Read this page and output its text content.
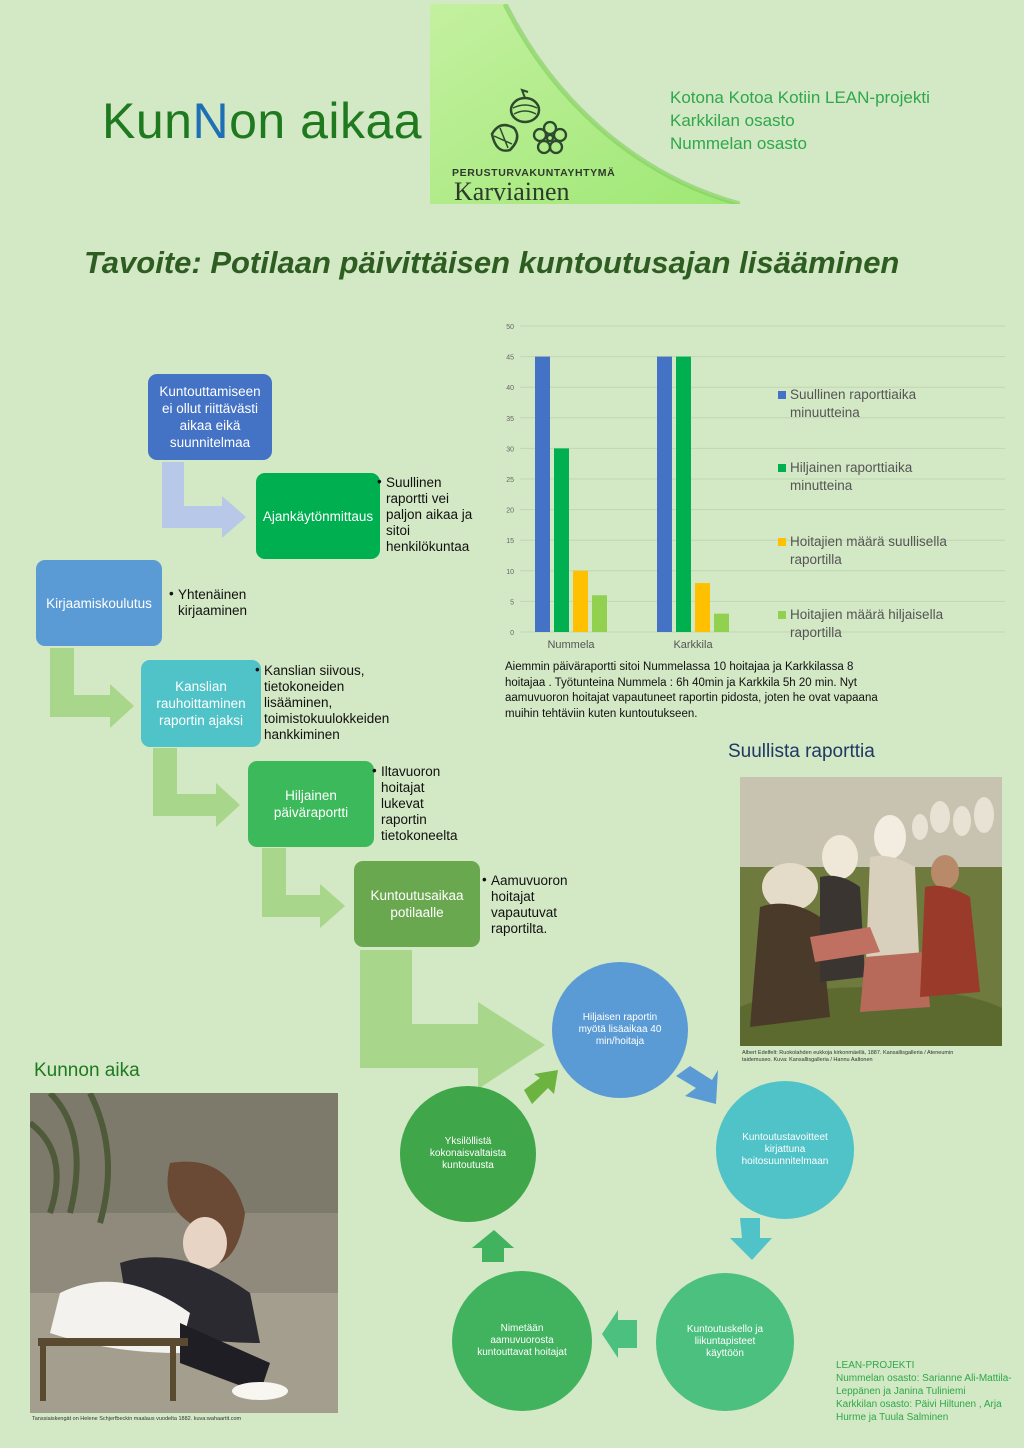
KunNon aikaa
PERUSTURVAKUNTAYHTYMÄ
Karviainen
Kotona Kotoa Kotiin LEAN-projekti
Karkkilan osasto
Nummelan osasto
Tavoite: Potilaan päivittäisen kuntoutusajan lisääminen
Kuntouttamiseen ei ollut riittävästi aikaa eikä suunnitelmaa
Ajankäytönmittaus
• Suullinen raportti vei paljon aikaa ja sitoi henkilökuntaa
Kirjaamiskoulutus
• Yhtenäinen kirjaaminen
Kanslian rauhoittaminen raportin ajaksi
• Kanslian siivous, tietokoneiden lisääminen, toimistokuulokkeiden hankkiminen
Hiljainen päiväraportti
• Iltavuoron hoitajat lukevat raportin tietokoneelta
Kuntoutusaikaa potilaalle
• Aamuvuoron hoitajat vapautuvat raportilta.
0
5
10
15
20
25
30
35
40
45
50
Nummela	Karkkila
Suullinen raporttiaika minuutteina
Hiljainen raporttiaika minutteina
Hoitajien määrä suullisella raportilla
Hoitajien määrä hiljaisella raportilla
Aiemmin päiväraportti sitoi Nummelassa 10 hoitajaa ja Karkkilassa 8 hoitajaa . Työtunteina Nummela : 6h 40min ja Karkkila 5h 20 min. Nyt aamuvuoron hoitajat vapautuneet raportin pidosta, joten he ovat vapaana muihin tehtäviin kuten kuntoutukseen.
Suullista raporttia
Albert Edelfelt: Ruokolahden eukkoja kirkonmäellä, 1887. Kansallisgalleria / Ateneumin taidemuseo. Kuva: Kansallisgalleria / Hannu Aaltonen
Kunnon aika
Tanssiaiskengät on Helene Schjerfbeckin maalaus vuodelta 1882. kuva:wahaartit.com
Hiljaisen raportin myötä lisäaikaa 40 min/hoitaja
Kuntoutustavoitteet kirjattuna hoitosuunnitelmaan
Kuntoutuskello ja liikuntapisteet käyttöön
Nimetään aamuvuorosta kuntouttavat hoitajat
Yksilöllistä kokonaisvaltaista kuntoutusta
LEAN-PROJEKTI
Nummelan osasto: Sarianne Ali-Mattila-Leppänen ja Janina Tuliniemi
Karkkilan osasto: Päivi Hiltunen , Arja Hurme ja Tuula Salminen
